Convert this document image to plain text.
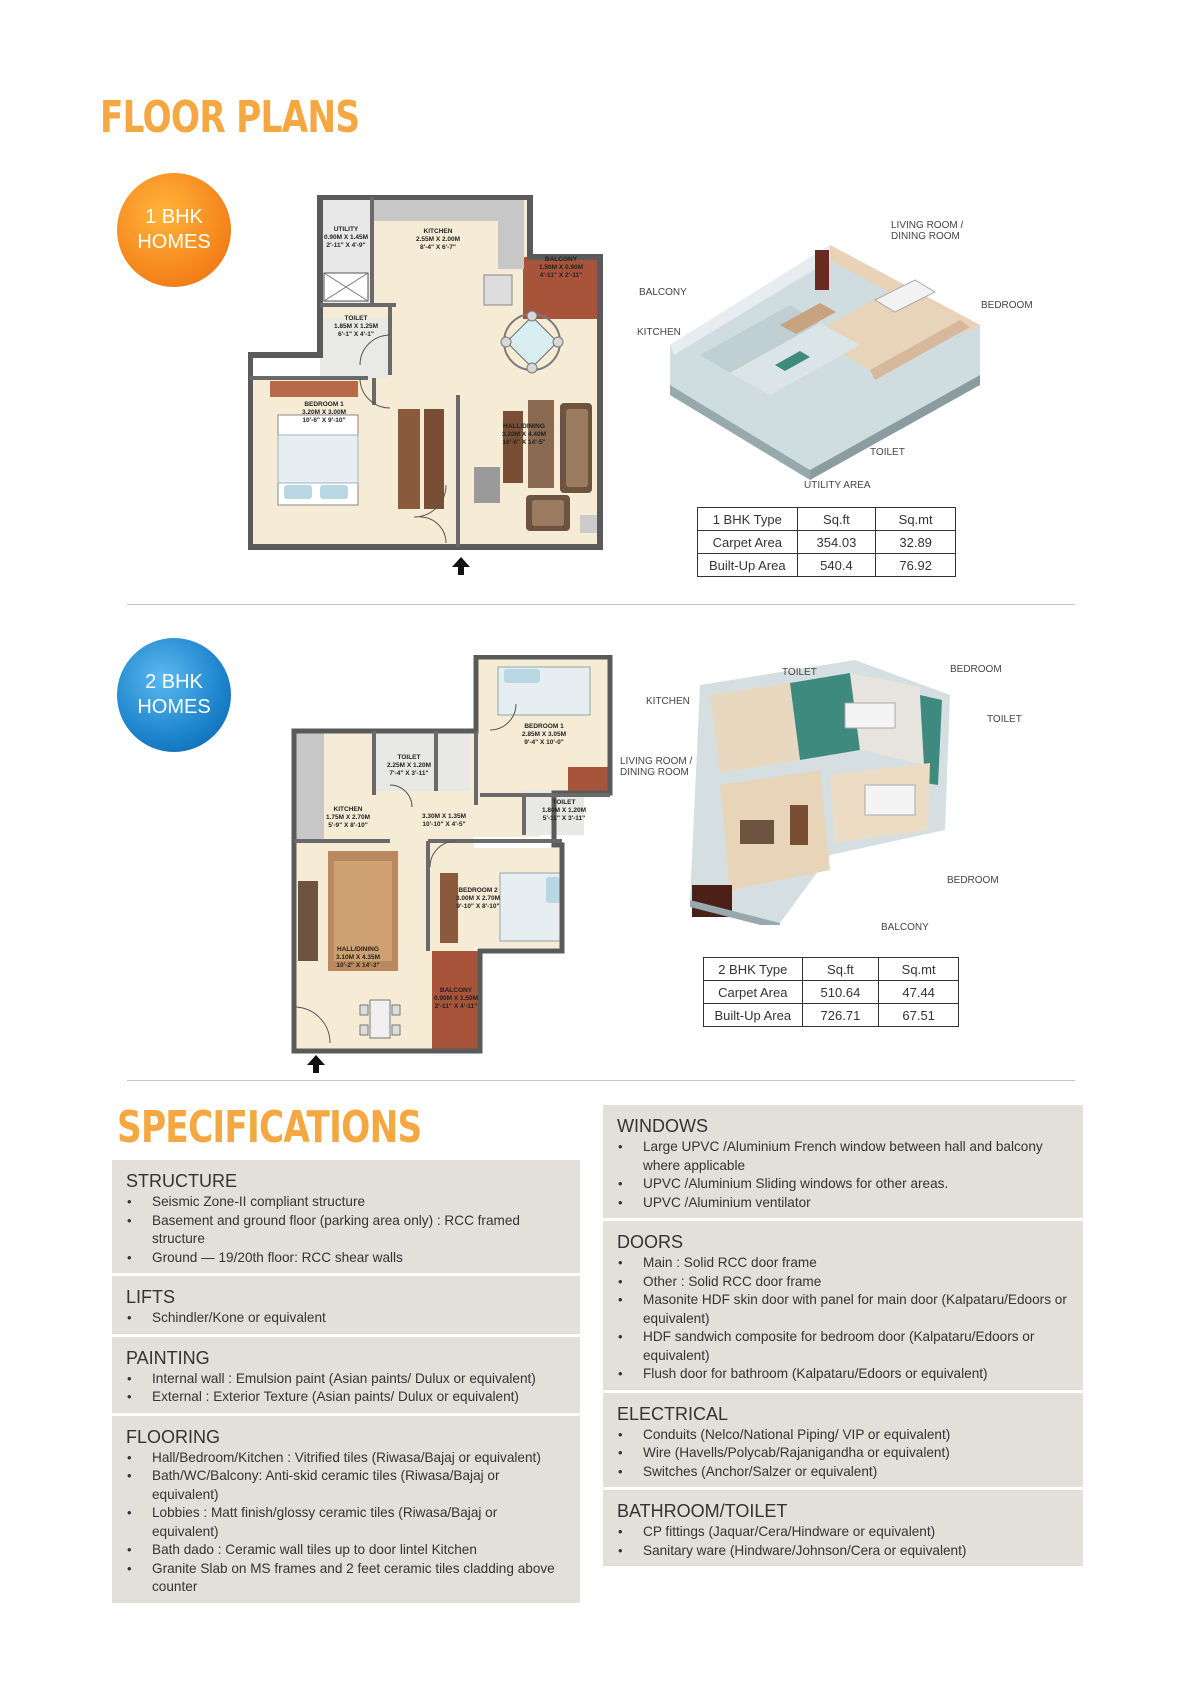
FLOOR PLANS
1 BHK
HOMES
UTILITY
0.90M X 1.45M
2'-11" X 4'-9"
KITCHEN
2.55M X 2.00M
8'-4" X 6'-7"
BALCONY
1.50M X 0.90M
4'-11" X 2'-11"
TOILET
1.85M X 1.25M
6'-1" X 4'-1"
BEDROOM 1
3.20M X 3.00M
10'-6" X 9'-10"
HALL/DINING
3.20M X 4.40M
10'-6" X 14'-5"
LIVING ROOM /
DINING ROOM
BALCONY
BEDROOM
KITCHEN
TOILET
UTILITY AREA
1 BHK Type	Sq.ft	Sq.mt
Carpet Area	354.03	32.89
Built-Up Area	540.4	76.92
2 BHK
HOMES
BEDROOM 1
2.85M X 3.05M
9'-4" X 10'-0"
TOILET
2.25M X 1.20M
7'-4" X 3'-11"
KITCHEN
1.75M X 2.70M
5'-9" X 8'-10"
3.30M X 1.35M
10'-10" X 4'-5"
TOILET
1.80M X 1.20M
5'-11" X 3'-11"
BEDROOM 2
3.00M X 2.70M
9'-10" X 8'-10"
HALL/DINING
3.10M X 4.35M
10'-2" X 14'-3"
BALCONY
0.90M X 1.50M
2'-11" X 4'-11"
TOILET	BEDROOM
KITCHEN
TOILET
LIVING ROOM /
DINING ROOM
BEDROOM
BALCONY
2 BHK Type	Sq.ft	Sq.mt
Carpet Area	510.64	47.44
Built-Up Area	726.71	67.51
SPECIFICATIONS
STRUCTURE
• Seismic Zone-II compliant structure
• Basement and ground floor (parking area only) : RCC framed structure
• Ground — 19/20th floor: RCC shear walls
LIFTS
• Schindler/Kone or equivalent
PAINTING
• Internal wall : Emulsion paint (Asian paints/ Dulux or equivalent)
• External : Exterior Texture (Asian paints/ Dulux or equivalent)
FLOORING
• Hall/Bedroom/Kitchen : Vitrified tiles (Riwasa/Bajaj or equivalent)
• Bath/WC/Balcony: Anti-skid ceramic tiles (Riwasa/Bajaj or equivalent)
• Lobbies : Matt finish/glossy ceramic tiles (Riwasa/Bajaj or equivalent)
• Bath dado : Ceramic wall tiles up to door lintel Kitchen
• Granite Slab on MS frames and 2 feet ceramic tiles cladding above counter
WINDOWS
• Large UPVC /Aluminium French window between hall and balcony where applicable
• UPVC /Aluminium Sliding windows for other areas.
• UPVC /Aluminium ventilator
DOORS
• Main : Solid RCC door frame
• Other : Solid RCC door frame
• Masonite HDF skin door with panel for main door (Kalpataru/Edoors or equivalent)
• HDF sandwich composite for bedroom door (Kalpataru/Edoors or equivalent)
• Flush door for bathroom (Kalpataru/Edoors or equivalent)
ELECTRICAL
• Conduits (Nelco/National Piping/ VIP or equivalent)
• Wire (Havells/Polycab/Rajanigandha or equivalent)
• Switches (Anchor/Salzer or equivalent)
BATHROOM/TOILET
• CP fittings (Jaquar/Cera/Hindware or equivalent)
• Sanitary ware (Hindware/Johnson/Cera or equivalent)
